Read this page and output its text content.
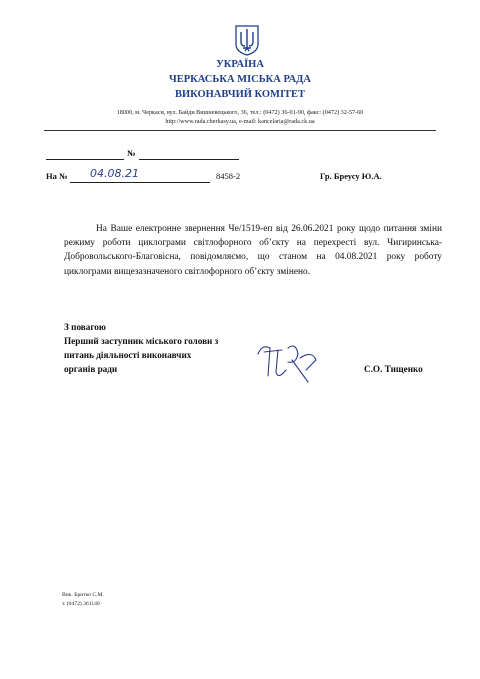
УКРАЇНА
ЧЕРКАСЬКА МІСЬКА РАДА
ВИКОНАВЧИЙ КОМІТЕТ
18000, м. Черкаси, вул. Байди Вишневецького, 36, тел.: (0472) 36-01-90, факс: (0472) 32-57-60
http://www.rada.cherkasy.ua, e-mail: kancelaria@rada.ck.ua
№
На № 04.08.21	8458-2	Гр. Бреусу Ю.А.
На Ваше електронне звернення Че/1519-еп від 26.06.2021 року щодо питання зміни режиму роботи циклограми світлофорного об’єкту на перехресті вул. Чигиринська-Добровольського-Благовісна, повідомляємо, що станом на 04.08.2021 року роботу циклограми вищезазначеного світлофорного об’єкту змінено.
З повагою
Перший заступник міського голови з
питань діяльності виконавчих
органів ради	С.О. Тищенко
Вик. Бритко С.М.
т. (0472) 361140
